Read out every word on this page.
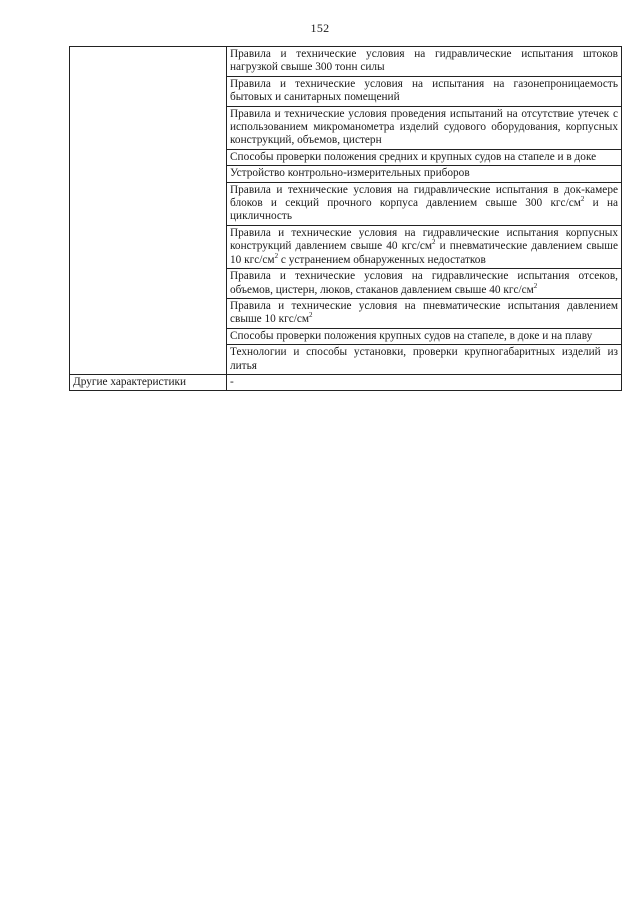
152
	Правила и технические условия на гидравлические испытания штоков нагрузкой свыше 300 тонн силы
	Правила и технические условия на испытания на газонепроницаемость бытовых и санитарных помещений
	Правила и технические условия проведения испытаний на отсутствие утечек с использованием микроманометра изделий судового оборудования, корпусных конструкций, объемов, цистерн
	Способы проверки положения средних и крупных судов на стапеле и в доке
	Устройство контрольно-измерительных приборов
	Правила и технические условия на гидравлические испытания в док-камере блоков и секций прочного корпуса давлением свыше 300 кгс/$см^2$ и на цикличность
	Правила и технические условия на гидравлические испытания корпусных конструкций давлением свыше 40 кгс/$см^2$ и пневматические давлением свыше 10 кгс/$см^2$ с устранением обнаруженных недостатков
	Правила и технические условия на гидравлические испытания отсеков, объемов, цистерн, люков, стаканов давлением свыше 40 кгс/$см^2$
	Правила и технические условия на пневматические испытания давлением свыше 10 кгс/$см^2$
	Способы проверки положения крупных судов на стапеле, в доке и на плаву
	Технологии и способы установки, проверки крупногабаритных изделий из литья
Другие характеристики	-
